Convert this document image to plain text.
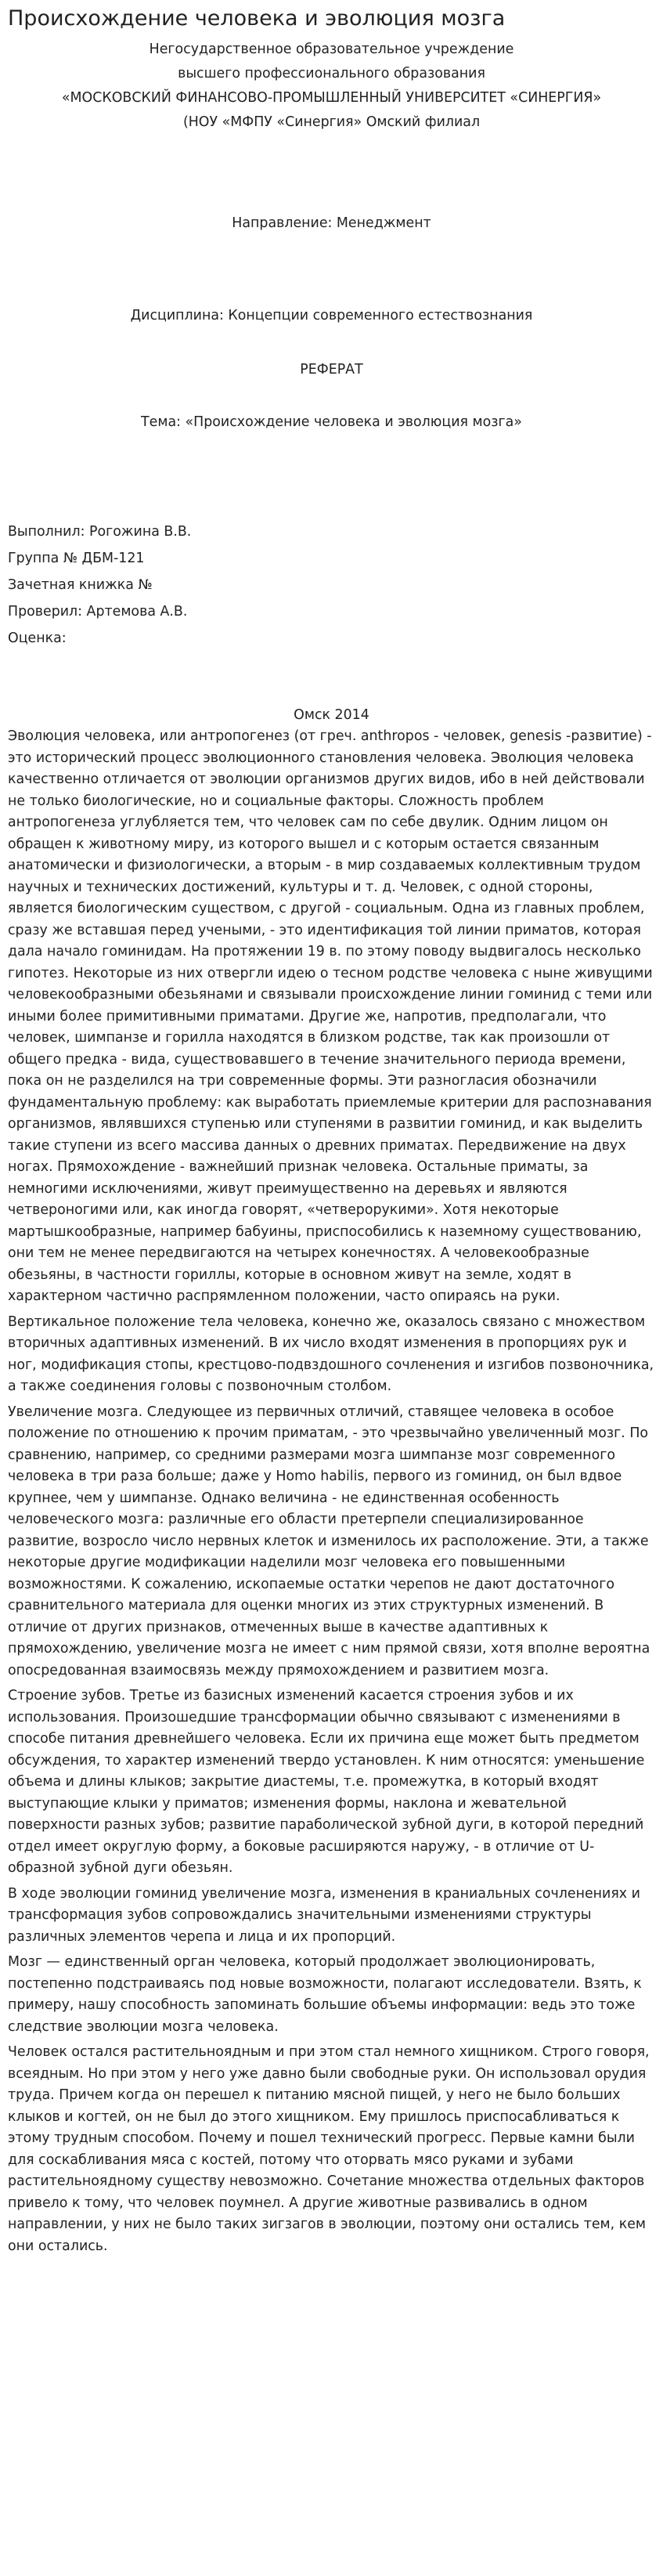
Происхождение человека и эволюция мозга

Негосударственное образовательное учреждение

высшего профессионального образования

«МОСКОВСКИЙ ФИНАНСОВО-ПРОМЫШЛЕННЫЙ УНИВЕРСИТЕТ «СИНЕРГИЯ»

(НОУ «МФПУ «Синергия» Омский филиал

Направление: Менеджмент

Дисциплина: Концепции современного естествознания

РЕФЕРАТ

Тема: «Происхождение человека и эволюция мозга»

Выполнил: Рогожина В.В.

Группа № ДБМ-121

Зачетная книжка №

Проверил: Артемова А.В.

Оценка:

Омск 2014

Эволюция человека, или антропогенез (от греч. anthropos - человек, genesis -развитие) - это исторический процесс эволюционного становления человека. Эволюция человека качественно отличается от эволюции организмов других видов, ибо в ней действовали не только биологические, но и социальные факторы. Сложность проблем антропогенеза углубляется тем, что человек сам по себе двулик. Одним лицом он обращен к животному миру, из которого вышел и с которым остается связанным анатомически и физиологически, а вторым - в мир создаваемых коллективным трудом научных и технических достижений, культуры и т. д. Человек, с одной стороны, является биологическим существом, с другой - социальным. Одна из главных проблем, сразу же вставшая перед учеными, - это идентификация той линии приматов, которая дала начало гоминидам. На протяжении 19 в. по этому поводу выдвигалось несколько гипотез. Некоторые из них отвергли идею о тесном родстве человека с ныне живущими человекообразными обезьянами и связывали происхождение линии гоминид с теми или иными более примитивными приматами. Другие же, напротив, предполагали, что человек, шимпанзе и горилла находятся в близком родстве, так как произошли от общего предка - вида, существовавшего в течение значительного периода времени, пока он не разделился на три современные формы. Эти разногласия обозначили фундаментальную проблему: как выработать приемлемые критерии для распознавания организмов, являвшихся ступенью или ступенями в развитии гоминид, и как выделить такие ступени из всего массива данных о древних приматах. Передвижение на двух ногах. Прямохождение - важнейший признак человека. Остальные приматы, за немногими исключениями, живут преимущественно на деревьях и являются четвероногими или, как иногда говорят, «четверорукими». Хотя некоторые мартышкообразные, например бабуины, приспособились к наземному существованию, они тем не менее передвигаются на четырех конечностях. А человекообразные обезьяны, в частности гориллы, которые в основном живут на земле, ходят в характерном частично распрямленном положении, часто опираясь на руки.

Вертикальное положение тела человека, конечно же, оказалось связано с множеством вторичных адаптивных изменений. В их число входят изменения в пропорциях рук и ног, модификация стопы, крестцово-подвздошного сочленения и изгибов позвоночника, а также соединения головы с позвоночным столбом.

Увеличение мозга. Следующее из первичных отличий, ставящее человека в особое положение по отношению к прочим приматам, - это чрезвычайно увеличенный мозг. По сравнению, например, со средними размерами мозга шимпанзе мозг современного человека в три раза больше; даже у Homo habilis, первого из гоминид, он был вдвое крупнее, чем у шимпанзе. Однако величина - не единственная особенность человеческого мозга: различные его области претерпели специализированное развитие, возросло число нервных клеток и изменилось их расположение. Эти, а также некоторые другие модификации наделили мозг человека его повышенными возможностями. К сожалению, ископаемые остатки черепов не дают достаточного сравнительного материала для оценки многих из этих структурных изменений. В отличие от других признаков, отмеченных выше в качестве адаптивных к прямохождению, увеличение мозга не имеет с ним прямой связи, хотя вполне вероятна опосредованная взаимосвязь между прямохождением и развитием мозга.

Строение зубов. Третье из базисных изменений касается строения зубов и их использования. Произошедшие трансформации обычно связывают с изменениями в способе питания древнейшего человека. Если их причина еще может быть предметом обсуждения, то характер изменений твердо установлен. К ним относятся: уменьшение объема и длины клыков; закрытие диастемы, т.е. промежутка, в который входят выступающие клыки у приматов; изменения формы, наклона и жевательной поверхности разных зубов; развитие параболической зубной дуги, в которой передний отдел имеет округлую форму, а боковые расширяются наружу, - в отличие от U-образной зубной дуги обезьян.

В ходе эволюции гоминид увеличение мозга, изменения в краниальных сочленениях и трансформация зубов сопровождались значительными изменениями структуры различных элементов черепа и лица и их пропорций.

Мозг — единственный орган человека, который продолжает эволюционировать, постепенно подстраиваясь под новые возможности, полагают исследователи. Взять, к примеру, нашу способность запоминать большие объемы информации: ведь это тоже следствие эволюции мозга человека.

Человек остался растительноядным и при этом стал немного хищником. Строго говоря, всеядным. Но при этом у него уже давно были свободные руки. Он использовал орудия труда. Причем когда он перешел к питанию мясной пищей, у него не было больших клыков и когтей, он не был до этого хищником. Ему пришлось приспосабливаться к этому трудным способом. Почему и пошел технический прогресс. Первые камни были для соскабливания мяса с костей, потому что оторвать мясо руками и зубами растительноядному существу невозможно. Сочетание множества отдельных факторов привело к тому, что человек поумнел. А другие животные развивались в одном направлении, у них не было таких зигзагов в эволюции, поэтому они остались тем, кем они остались.
